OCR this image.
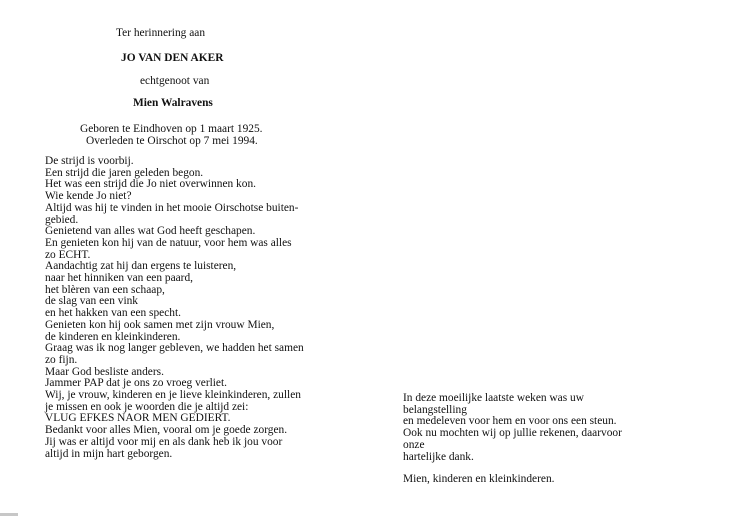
Ter herinnering aan
JO VAN DEN AKER
echtgenoot van
Mien Walravens
Geboren te Eindhoven op 1 maart 1925.
Overleden te Oirschot op 7 mei 1994.
De strijd is voorbij.
Een strijd die jaren geleden begon.
Het was een strijd die Jo niet overwinnen kon.
Wie kende Jo niet?
Altijd was hij te vinden in het mooie Oirschotse buiten-
gebied.
Genietend van alles wat God heeft geschapen.
En genieten kon hij van de natuur, voor hem was alles
zo ECHT.
Aandachtig zat hij dan ergens te luisteren,
naar het hinniken van een paard,
het blèren van een schaap,
de slag van een vink
en het hakken van een specht.
Genieten kon hij ook samen met zijn vrouw Mien,
de kinderen en kleinkinderen.
Graag was ik nog langer gebleven, we hadden het samen
zo fijn.
Maar God besliste anders.
Jammer PAP dat je ons zo vroeg verliet.
Wij, je vrouw, kinderen en je lieve kleinkinderen, zullen
je missen en ook je woorden die je altijd zei:
VLUG EFKES NAOR MEN GEDIERT.
Bedankt voor alles Mien, vooral om je goede zorgen.
Jij was er altijd voor mij en als dank heb ik jou voor
altijd in mijn hart geborgen.
In deze moeilijke laatste weken was uw belangstelling
en medeleven voor hem en voor ons een steun.
Ook nu mochten wij op jullie rekenen, daarvoor onze
hartelijke dank.
Mien, kinderen en kleinkinderen.
